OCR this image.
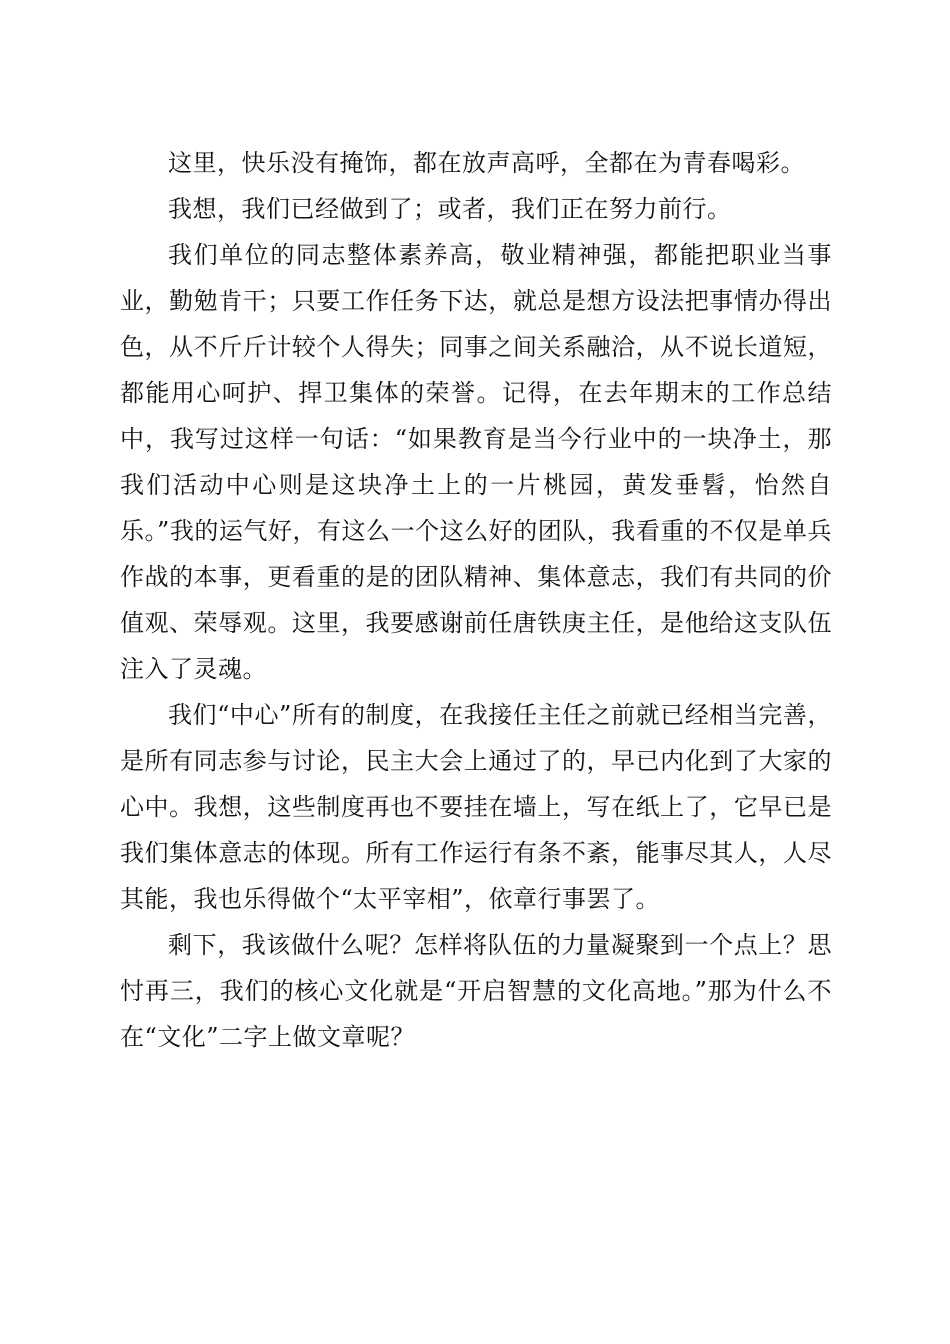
这里，快乐没有掩饰，都在放声高呼，全都在为青春喝彩。

我想，我们已经做到了；或者，我们正在努力前行。

我们单位的同志整体素养高，敬业精神强，都能把职业当事业，勤勉肯干；只要工作任务下达，就总是想方设法把事情办得出色，从不斤斤计较个人得失；同事之间关系融洽，从不说长道短，都能用心呵护、捍卫集体的荣誉。记得，在去年期末的工作总结中，我写过这样一句话：“如果教育是当今行业中的一块净土，那我们活动中心则是这块净土上的一片桃园，黄发垂髫，怡然自乐。”我的运气好，有这么一个这么好的团队，我看重的不仅是单兵作战的本事，更看重的是的团队精神、集体意志，我们有共同的价值观、荣辱观。这里，我要感谢前任唐铁庚主任，是他给这支队伍注入了灵魂。

我们“中心”所有的制度，在我接任主任之前就已经相当完善，是所有同志参与讨论，民主大会上通过了的，早已内化到了大家的心中。我想，这些制度再也不要挂在墙上，写在纸上了，它早已是我们集体意志的体现。所有工作运行有条不紊，能事尽其人，人尽其能，我也乐得做个“太平宰相”，依章行事罢了。

剩下，我该做什么呢？怎样将队伍的力量凝聚到一个点上？思忖再三，我们的核心文化就是“开启智慧的文化高地。”那为什么不在“文化”二字上做文章呢？
